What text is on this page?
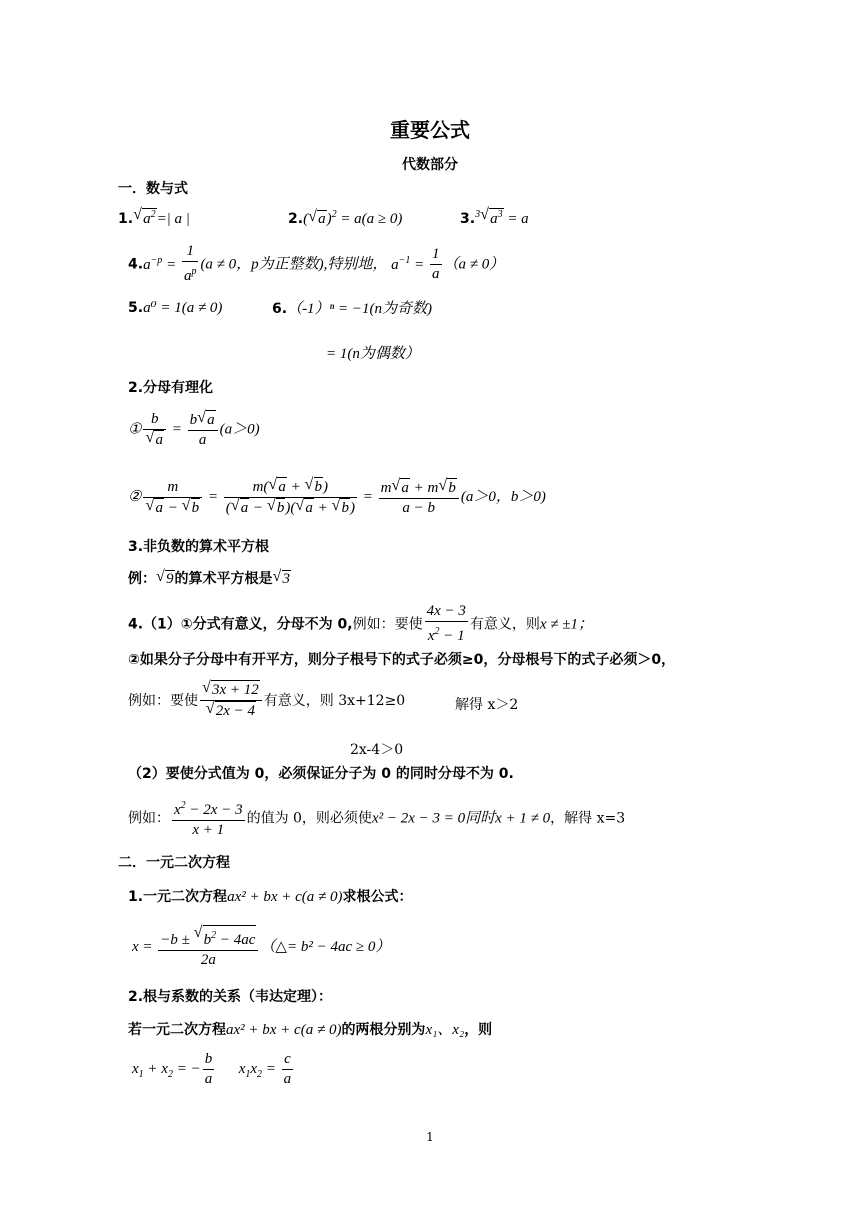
重要公式
代数部分
一．数与式
1. √ $a^2=|$ a |	2.( √ a)$^2$ = a(a ≥ 0)	3.$^3$ √ $a^3 = a$
$4.a^{-p} = \frac{1}{a^p} (a \ne 0$，p为正整数),特别地， $a^{-1} = \frac{1}{a} (a \ne 0)$
5.a⁰ = 1(a ≠ 0)	6.（-1）ⁿ = −1(n为奇数)
= 1(n为偶数）
2.分母有理化
① b
√ $a = \frac{b √ a}{a} (a>0)$
② m
√ a − √ $b = \frac{m( √ a + √ b)}{( √ a - √ b)( √ a + √ b)} = \frac{m √ a + m √ b}{a - b} (a>0$，b＞0)
3.非负数的算术平方根
例： √ 9的算术平方根是 √ 3
4.（1）①分式有意义，分母不为 0,例如：要使 $\frac{4x - 3}{x^2 - 1}$ 有意义，则x ≠ ±1；
②如果分子分母中有开平方，则分子根号下的式子必须≥0，分母根号下的式子必须＞0，
例如：要使 √ 3x + 12
√ 2x − 4 有意义，则 3x+12≥0	解得 x＞2
2x-4＞0
（2）要使分式值为 0，必须保证分子为 0 的同时分母不为 0.
例如： $\frac{x^2 - 2x - 3}{x + 1}$ 的值为 0，则必须使x² − 2x − 3 = 0同时x + 1 ≠ 0，解得 x=3
二．一元二次方程
1.一元二次方程ax² + bx + c(a ≠ 0)求根公式：
$x = \frac{-b \pm √ b^2 - 4ac}{2a}$ （△= b² − 4ac ≥ 0）
2.根与系数的关系（韦达定理）：
若一元二次方程ax² + bx + c(a ≠ 0)的两根分别为x₁、x₂，则
$x_1 + x_2$ = − $\frac{b}{a} x_1x_2 = \frac{c}{a}$
1
